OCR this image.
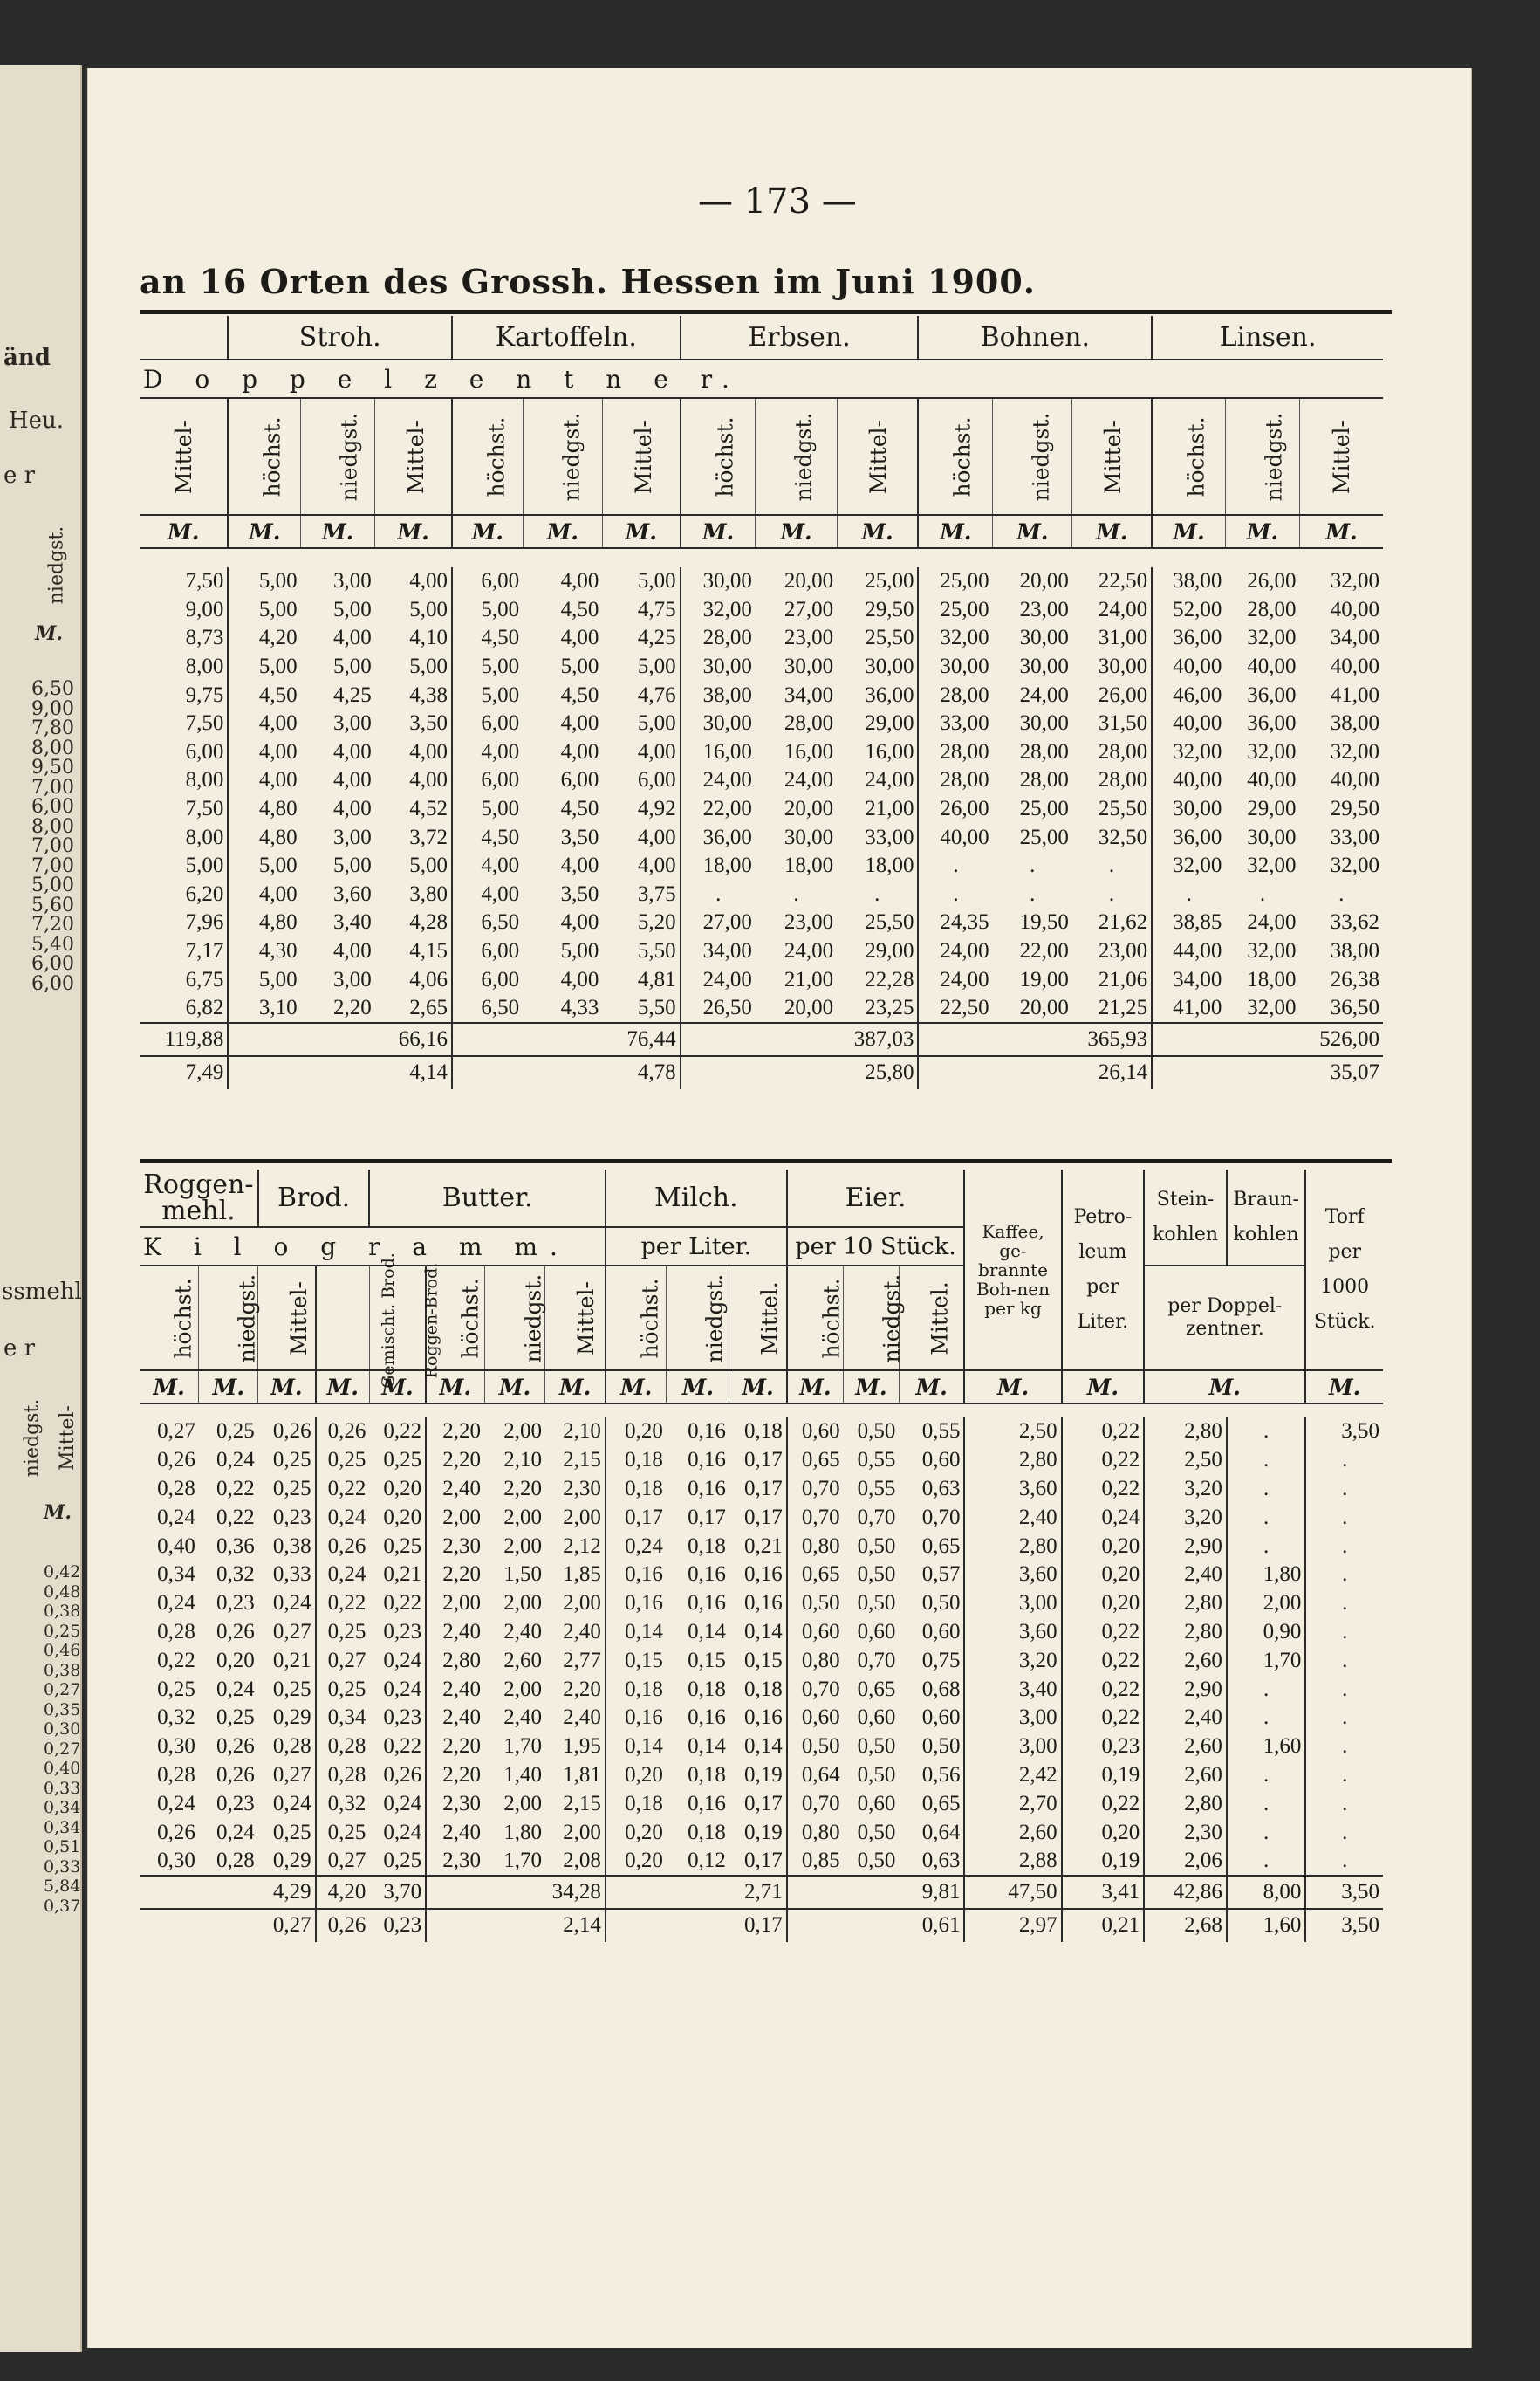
änd
Heu.
e r
niedgst.
M.
6,50
9,00
7,80
8,00
9,50
7,00
6,00
8,00
7,00
7,00
5,00
5,60
7,20
5,40
6,00
6,00
ssmehl
e r
niedgst. Mittel-
M.
0,42
0,48
0,38
0,25
0,46
0,38
0,27
0,35
0,30
0,27
0,40
0,33
0,34
0,34
0,51
0,33
5,84
0,37
— 173 —
an 16 Orten des Grossh. Hessen im Juni 1900.
	Stroh.			Kartoffeln.			Erbsen.			Bohnen.			Linsen.		
D o p p e l z e n t n e r.															
Mittel-	höchst.	niedgst.	Mittel-	höchst.	niedgst.	Mittel-	höchst.	niedgst.	Mittel-	höchst.	niedgst.	Mittel-	höchst.	niedgst.	Mittel-
M.	M.	M.	M.	M.	M.	M.	M.	M.	M.	M.	M.	M.	M.	M.	M.

7,50	5,00	3,00	4,00	6,00	4,00	5,00	30,00	20,00	25,00	25,00	20,00	22,50	38,00	26,00	32,00
9,00	5,00	5,00	5,00	5,00	4,50	4,75	32,00	27,00	29,50	25,00	23,00	24,00	52,00	28,00	40,00
8,73	4,20	4,00	4,10	4,50	4,00	4,25	28,00	23,00	25,50	32,00	30,00	31,00	36,00	32,00	34,00
8,00	5,00	5,00	5,00	5,00	5,00	5,00	30,00	30,00	30,00	30,00	30,00	30,00	40,00	40,00	40,00
9,75	4,50	4,25	4,38	5,00	4,50	4,76	38,00	34,00	36,00	28,00	24,00	26,00	46,00	36,00	41,00
7,50	4,00	3,00	3,50	6,00	4,00	5,00	30,00	28,00	29,00	33,00	30,00	31,50	40,00	36,00	38,00
6,00	4,00	4,00	4,00	4,00	4,00	4,00	16,00	16,00	16,00	28,00	28,00	28,00	32,00	32,00	32,00
8,00	4,00	4,00	4,00	6,00	6,00	6,00	24,00	24,00	24,00	28,00	28,00	28,00	40,00	40,00	40,00
7,50	4,80	4,00	4,52	5,00	4,50	4,92	22,00	20,00	21,00	26,00	25,00	25,50	30,00	29,00	29,50
8,00	4,80	3,00	3,72	4,50	3,50	4,00	36,00	30,00	33,00	40,00	25,00	32,50	36,00	30,00	33,00
5,00	5,00	5,00	5,00	4,00	4,00	4,00	18,00	18,00	18,00	.	.	.	32,00	32,00	32,00
6,20	4,00	3,60	3,80	4,00	3,50	3,75	.	.	.	.	.	.	.	.	.
7,96	4,80	3,40	4,28	6,50	4,00	5,20	27,00	23,00	25,50	24,35	19,50	21,62	38,85	24,00	33,62
7,17	4,30	4,00	4,15	6,00	5,00	5,50	34,00	24,00	29,00	24,00	22,00	23,00	44,00	32,00	38,00
6,75	5,00	3,00	4,06	6,00	4,00	4,81	24,00	21,00	22,28	24,00	19,00	21,06	34,00	18,00	26,38
6,82	3,10	2,20	2,65	6,50	4,33	5,50	26,50	20,00	23,25	22,50	20,00	21,25	41,00	32,00	36,50
119,88			66,16			76,44			387,03			365,93			526,00
7,49			4,14			4,78			25,80			26,14			35,07
Roggen-mehl.		Brod.		Butter.				Milch.			Eier.			Kaffee, ge-brannte Boh-nen per kg	Petro-leum per Liter.	Stein-kohlen	Braun-kohlen	Torf per 1000 Stück.
K i l o g r a m m.								per Liter.			per 10 Stück.							
höchst.	niedgst.	Mittel-	Gemischt. Brod.	Roggen-Brod.	höchst.	niedgst.	Mittel-	höchst.	niedgst.	Mittel.	höchst.	niedgst.	Mittel.			per Doppel-zentner.		
M.	M.	M.	M.	M.	M.	M.	M.	M.	M.	M.	M.	M.	M.	M.	M.	M.		M.

0,27	0,25	0,26	0,26	0,22	2,20	2,00	2,10	0,20	0,16	0,18	0,60	0,50	0,55	2,50	0,22	2,80	.	3,50
0,26	0,24	0,25	0,25	0,25	2,20	2,10	2,15	0,18	0,16	0,17	0,65	0,55	0,60	2,80	0,22	2,50	.	.
0,28	0,22	0,25	0,22	0,20	2,40	2,20	2,30	0,18	0,16	0,17	0,70	0,55	0,63	3,60	0,22	3,20	.	.
0,24	0,22	0,23	0,24	0,20	2,00	2,00	2,00	0,17	0,17	0,17	0,70	0,70	0,70	2,40	0,24	3,20	.	.
0,40	0,36	0,38	0,26	0,25	2,30	2,00	2,12	0,24	0,18	0,21	0,80	0,50	0,65	2,80	0,20	2,90	.	.
0,34	0,32	0,33	0,24	0,21	2,20	1,50	1,85	0,16	0,16	0,16	0,65	0,50	0,57	3,60	0,20	2,40	1,80	.
0,24	0,23	0,24	0,22	0,22	2,00	2,00	2,00	0,16	0,16	0,16	0,50	0,50	0,50	3,00	0,20	2,80	2,00	.
0,28	0,26	0,27	0,25	0,23	2,40	2,40	2,40	0,14	0,14	0,14	0,60	0,60	0,60	3,60	0,22	2,80	0,90	.
0,22	0,20	0,21	0,27	0,24	2,80	2,60	2,77	0,15	0,15	0,15	0,80	0,70	0,75	3,20	0,22	2,60	1,70	.
0,25	0,24	0,25	0,25	0,24	2,40	2,00	2,20	0,18	0,18	0,18	0,70	0,65	0,68	3,40	0,22	2,90	.	.
0,32	0,25	0,29	0,34	0,23	2,40	2,40	2,40	0,16	0,16	0,16	0,60	0,60	0,60	3,00	0,22	2,40	.	.
0,30	0,26	0,28	0,28	0,22	2,20	1,70	1,95	0,14	0,14	0,14	0,50	0,50	0,50	3,00	0,23	2,60	1,60	.
0,28	0,26	0,27	0,28	0,26	2,20	1,40	1,81	0,20	0,18	0,19	0,64	0,50	0,56	2,42	0,19	2,60	.	.
0,24	0,23	0,24	0,32	0,24	2,30	2,00	2,15	0,18	0,16	0,17	0,70	0,60	0,65	2,70	0,22	2,80	.	.
0,26	0,24	0,25	0,25	0,24	2,40	1,80	2,00	0,20	0,18	0,19	0,80	0,50	0,64	2,60	0,20	2,30	.	.
0,30	0,28	0,29	0,27	0,25	2,30	1,70	2,08	0,20	0,12	0,17	0,85	0,50	0,63	2,88	0,19	2,06	.	.
		4,29	4,20	3,70			34,28			2,71			9,81	47,50	3,41	42,86	8,00	3,50
		0,27	0,26	0,23			2,14			0,17			0,61	2,97	0,21	2,68	1,60	3,50
